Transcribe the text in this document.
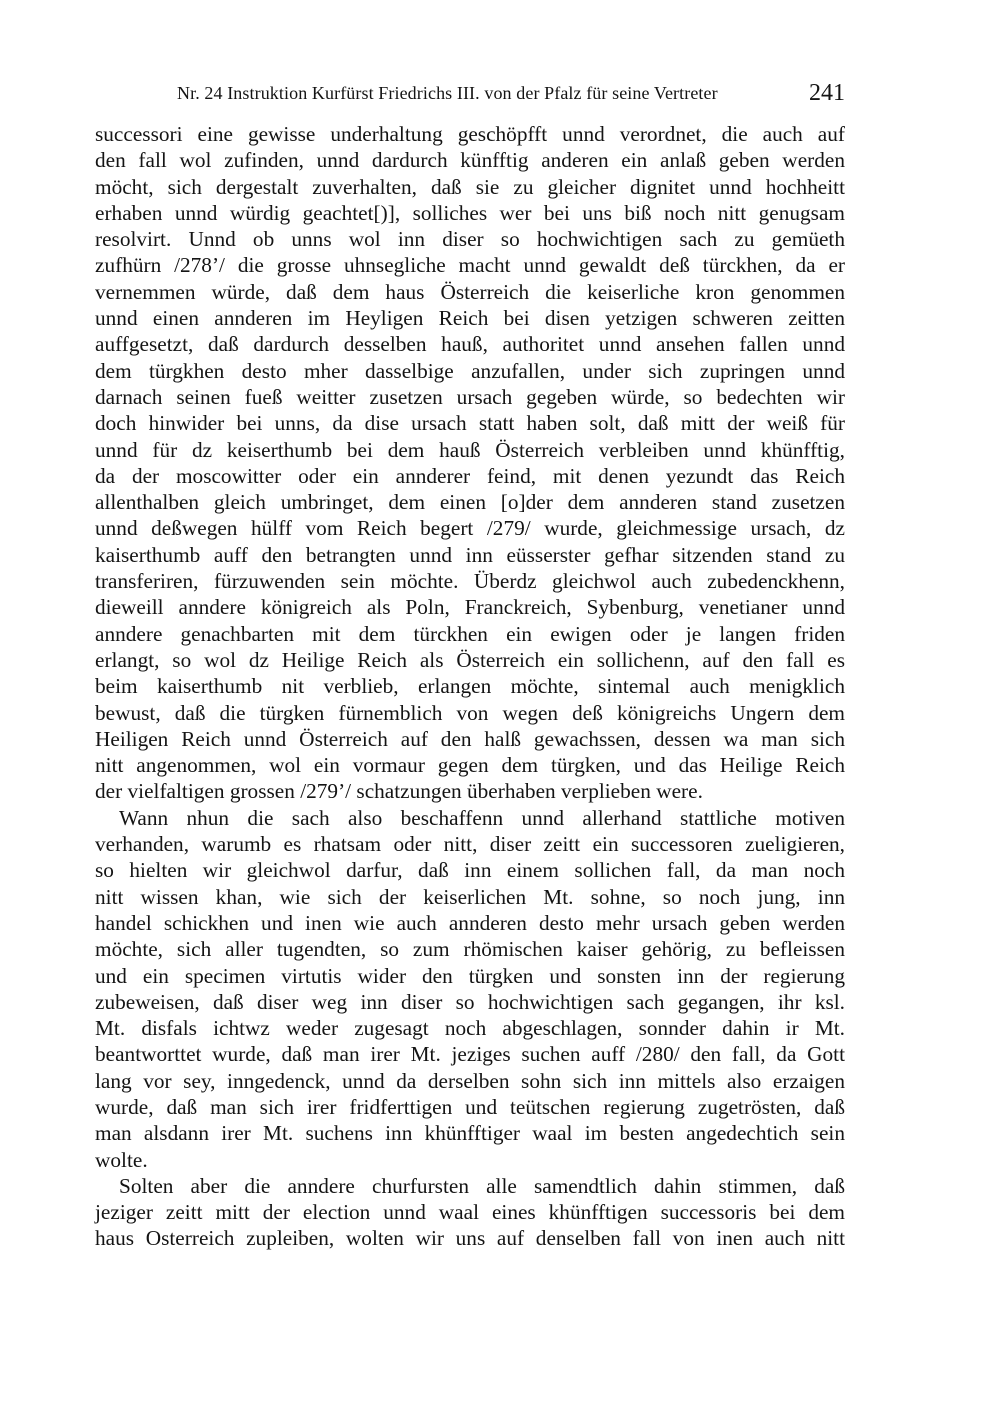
Nr. 24 Instruktion Kurfürst Friedrichs III. von der Pfalz für seine Vertreter	241
successori eine gewisse underhaltung geschöpfft unnd verordnet, die auch auf
den fall wol zufinden, unnd dardurch künfftig anderen ein anlaß geben werden
möcht, sich dergestalt zuverhalten, daß sie zu gleicher dignitet unnd hochheitt
erhaben unnd würdig geachtet[)], solliches wer bei uns biß noch nitt genugsam
resolvirt. Unnd ob unns wol inn diser so hochwichtigen sach zu gemüeth
zufhürn /278’/ die grosse uhnsegliche macht unnd gewaldt deß türckhen, da er
vernemmen würde, daß dem haus Österreich die keiserliche kron genommen
unnd einen annderen im Heyligen Reich bei disen yetzigen schweren zeitten
auffgesetzt, daß dardurch desselben hauß, authoritet unnd ansehen fallen unnd
dem türgkhen desto mher dasselbige anzufallen, under sich zupringen unnd
darnach seinen fueß weitter zusetzen ursach gegeben würde, so bedechten wir
doch hinwider bei unns, da dise ursach statt haben solt, daß mitt der weiß für
unnd für dz keiserthumb bei dem hauß Österreich verbleiben unnd khünfftig,
da der moscowitter oder ein annderer feind, mit denen yezundt das Reich
allenthalben gleich umbringet, dem einen [o]der dem annderen stand zusetzen
unnd deßwegen hülff vom Reich begert /279/ wurde, gleichmessige ursach, dz
kaiserthumb auff den betrangten unnd inn eüsserster gefhar sitzenden stand zu
transferiren, fürzuwenden sein möchte. Überdz gleichwol auch zubedenckhenn,
dieweill anndere königreich als Poln, Franckreich, Sybenburg, venetianer unnd
anndere genachbarten mit dem türckhen ein ewigen oder je langen friden
erlangt, so wol dz Heilige Reich als Österreich ein sollichenn, auf den fall es
beim kaiserthumb nit verblieb, erlangen möchte, sintemal auch menigklich
bewust, daß die türgken fürnemblich von wegen deß königreichs Ungern dem
Heiligen Reich unnd Österreich auf den halß gewachssen, dessen wa man sich
nitt angenommen, wol ein vormaur gegen dem türgken, und das Heilige Reich
der vielfaltigen grossen /279’/ schatzungen überhaben verplieben were.
Wann nhun die sach also beschaffenn unnd allerhand stattliche motiven
verhanden, warumb es rhatsam oder nitt, diser zeitt ein successoren zueligieren,
so hielten wir gleichwol darfur, daß inn einem sollichen fall, da man noch
nitt wissen khan, wie sich der keiserlichen Mt. sohne, so noch jung, inn
handel schickhen und inen wie auch annderen desto mehr ursach geben werden
möchte, sich aller tugendten, so zum rhömischen kaiser gehörig, zu befleissen
und ein specimen virtutis wider den türgken und sonsten inn der regierung
zubeweisen, daß diser weg inn diser so hochwichtigen sach gegangen, ihr ksl.
Mt. disfals ichtwz weder zugesagt noch abgeschlagen, sonnder dahin ir Mt.
beantworttet wurde, daß man irer Mt. jeziges suchen auff /280/ den fall, da Gott
lang vor sey, inngedenck, unnd da derselben sohn sich inn mittels also erzaigen
wurde, daß man sich irer fridferttigen und teütschen regierung zugetrösten, daß
man alsdann irer Mt. suchens inn khünfftiger waal im besten angedechtich sein
wolte.
Solten aber die anndere churfursten alle samendtlich dahin stimmen, daß
jeziger zeitt mitt der election unnd waal eines khünfftigen successoris bei dem
haus Osterreich zupleiben, wolten wir uns auf denselben fall von inen auch nitt
